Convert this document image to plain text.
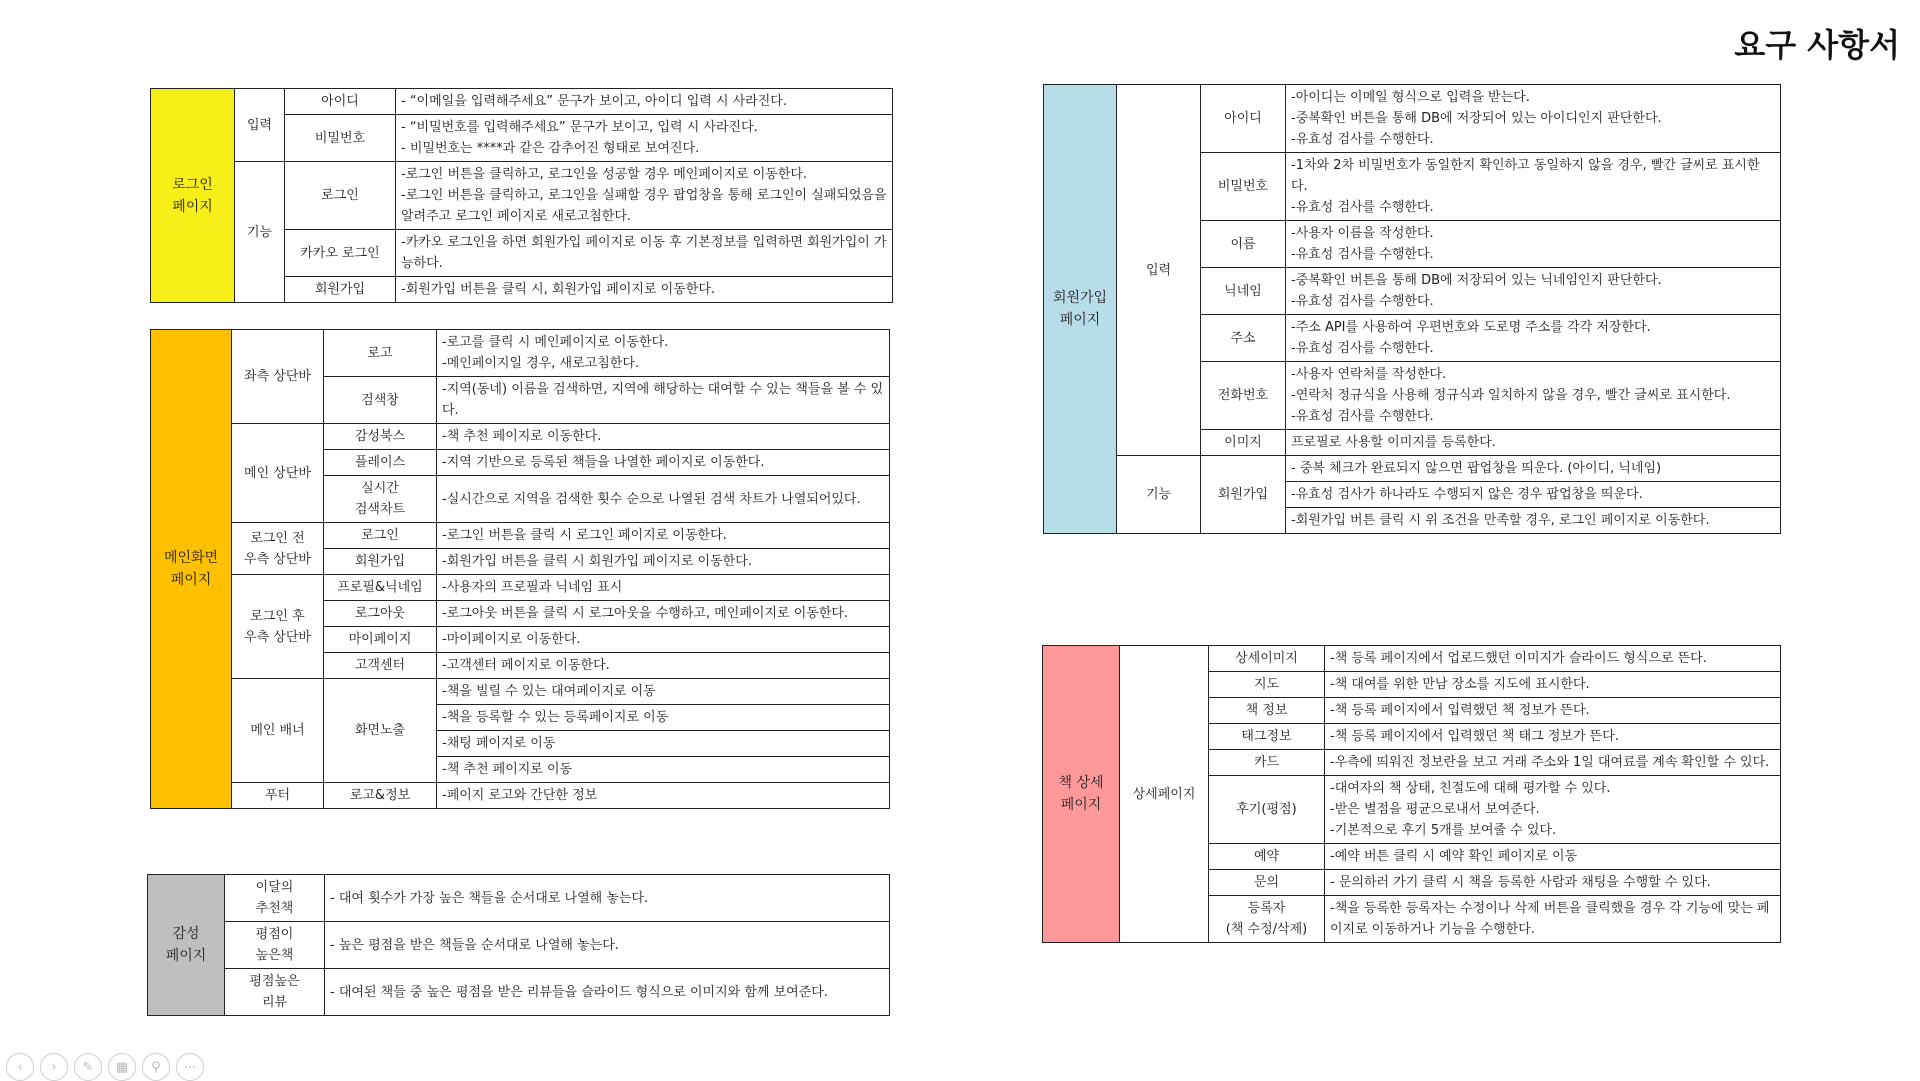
요구 사항서
로그인
페이지	입력	아이디	- “이메일을 입력해주세요” 문구가 보이고, 아이디 입력 시 사라진다.
		비밀번호	- “비밀번호를 입력해주세요” 문구가 보이고, 입력 시 사라진다.
- 비밀번호는 ****과 같은 감추어진 형태로 보여진다.

	기능	로그인	-로그인 버튼을 클릭하고, 로그인을 성공할 경우 메인페이지로 이동한다.
-로그인 버튼을 클릭하고, 로그인을 실패할 경우 팝업창을 통해 로그인이 실패되었음을 알려주고 로그인 페이지로 새로고침한다.

		카카오 로그인	-카카오 로그인을 하면 회원가입 페이지로 이동 후 기본정보를 입력하면 회원가입이 가능하다.
		회원가입	-회원가입 버튼을 클릭 시, 회원가입 페이지로 이동한다.
메인화면
페이지	좌측 상단바	로고	-로고를 클릭 시 메인페이지로 이동한다.
-메인페이지일 경우, 새로고침한다.

		검색창	-지역(동네) 이름을 검색하면, 지역에 해당하는 대여할 수 있는 책들을 볼 수 있다.
	메인 상단바	감성북스	-책 추천 페이지로 이동한다.
		플레이스	-지역 기반으로 등록된 책들을 나열한 페이지로 이동한다.

		실시간
검색차트	-실시간으로 지역을 검색한 횟수 순으로 나열된 검색 차트가 나열되어있다.

	로그인 전
우측 상단바	로그인	-로그인 버튼을 클릭 시 로그인 페이지로 이동한다.
		회원가입	-회원가입 버튼을 클릭 시 회원가입 페이지로 이동한다.

	로그인 후
우측 상단바	프로필&닉네임	-사용자의 프로필과 닉네임 표시
		로그아웃	-로그아웃 버튼을 클릭 시 로그아웃을 수행하고, 메인페이지로 이동한다.
		마이페이지	-마이페이지로 이동한다.
		고객센터	-고객센터 페이지로 이동한다.
	메인 배너	화면노출	-책을 빌릴 수 있는 대여페이지로 이동
			-책을 등록할 수 있는 등록페이지로 이동
			-채팅 페이지로 이동
			-책 추천 페이지로 이동
	푸터	로고&정보	-페이지 로고와 간단한 정보
감성
페이지	이달의
추천책	- 대여 횟수가 가장 높은 책들을 순서대로 나열해 놓는다.

	평점이
높은책	- 높은 평점을 받은 책들을 순서대로 나열해 놓는다.

	평점높은
리뷰	- 대여된 책들 중 높은 평점을 받은 리뷰들을 슬라이드 형식으로 이미지와 함께 보여준다.
회원가입
페이지	입력	아이디	-아이디는 이메일 형식으로 입력을 받는다.
-중복확인 버튼을 통해 DB에 저장되어 있는 아이디인지 판단한다.
-유효성 검사를 수행한다.

		비밀번호	-1차와 2차 비밀번호가 동일한지 확인하고 동일하지 않을 경우, 빨간 글씨로 표시한다.
-유효성 검사를 수행한다.

		이름	-사용자 이름을 작성한다.
-유효성 검사를 수행한다.

		닉네임	-중복확인 버튼을 통해 DB에 저장되어 있는 닉네임인지 판단한다.
-유효성 검사를 수행한다.

		주소	-주소 API를 사용하여 우편번호와 도로명 주소를 각각 저장한다.
-유효성 검사를 수행한다.

		전화번호	-사용자 연락처를 작성한다.
-연락처 정규식을 사용해 정규식과 일치하지 않을 경우, 빨간 글씨로 표시한다.
-유효성 검사를 수행한다.

		이미지	프로필로 사용할 이미지를 등록한다.
	기능	회원가입	- 중복 체크가 완료되지 않으면 팝업창을 띄운다. (아이디, 닉네임)
			-유효성 검사가 하나라도 수행되지 않은 경우 팝업창을 띄운다.
			-회원가입 버튼 클릭 시 위 조건을 만족할 경우, 로그인 페이지로 이동한다.
책 상세
페이지	상세페이지	상세이미지	-책 등록 페이지에서 업로드했던 이미지가 슬라이드 형식으로 뜬다.
		지도	-책 대여를 위한 만남 장소를 지도에 표시한다.
		책 정보	-책 등록 페이지에서 입력했던 책 정보가 뜬다.
		태그정보	-책 등록 페이지에서 입력했던 책 태그 정보가 뜬다.
		카드	-우측에 띄워진 정보란을 보고 거래 주소와 1일 대여료를 계속 확인할 수 있다.
		후기(평점)	-대여자의 책 상태, 친절도에 대해 평가할 수 있다.
-받은 별점을 평균으로내서 보여준다.
-기본적으로 후기 5개를 보여줄 수 있다.

		예약	-예약 버튼 클릭 시 예약 확인 페이지로 이동
		문의	- 문의하러 가기 클릭 시 책을 등록한 사람과 채팅을 수행할 수 있다.

		등록자
(책 수정/삭제)	-책을 등록한 등록자는 수정이나 삭제 버튼을 클릭했을 경우 각 기능에 맞는 페이지로 이동하거나 기능을 수행한다.
‹ › ✎ ▦ ⚲ ⋯
